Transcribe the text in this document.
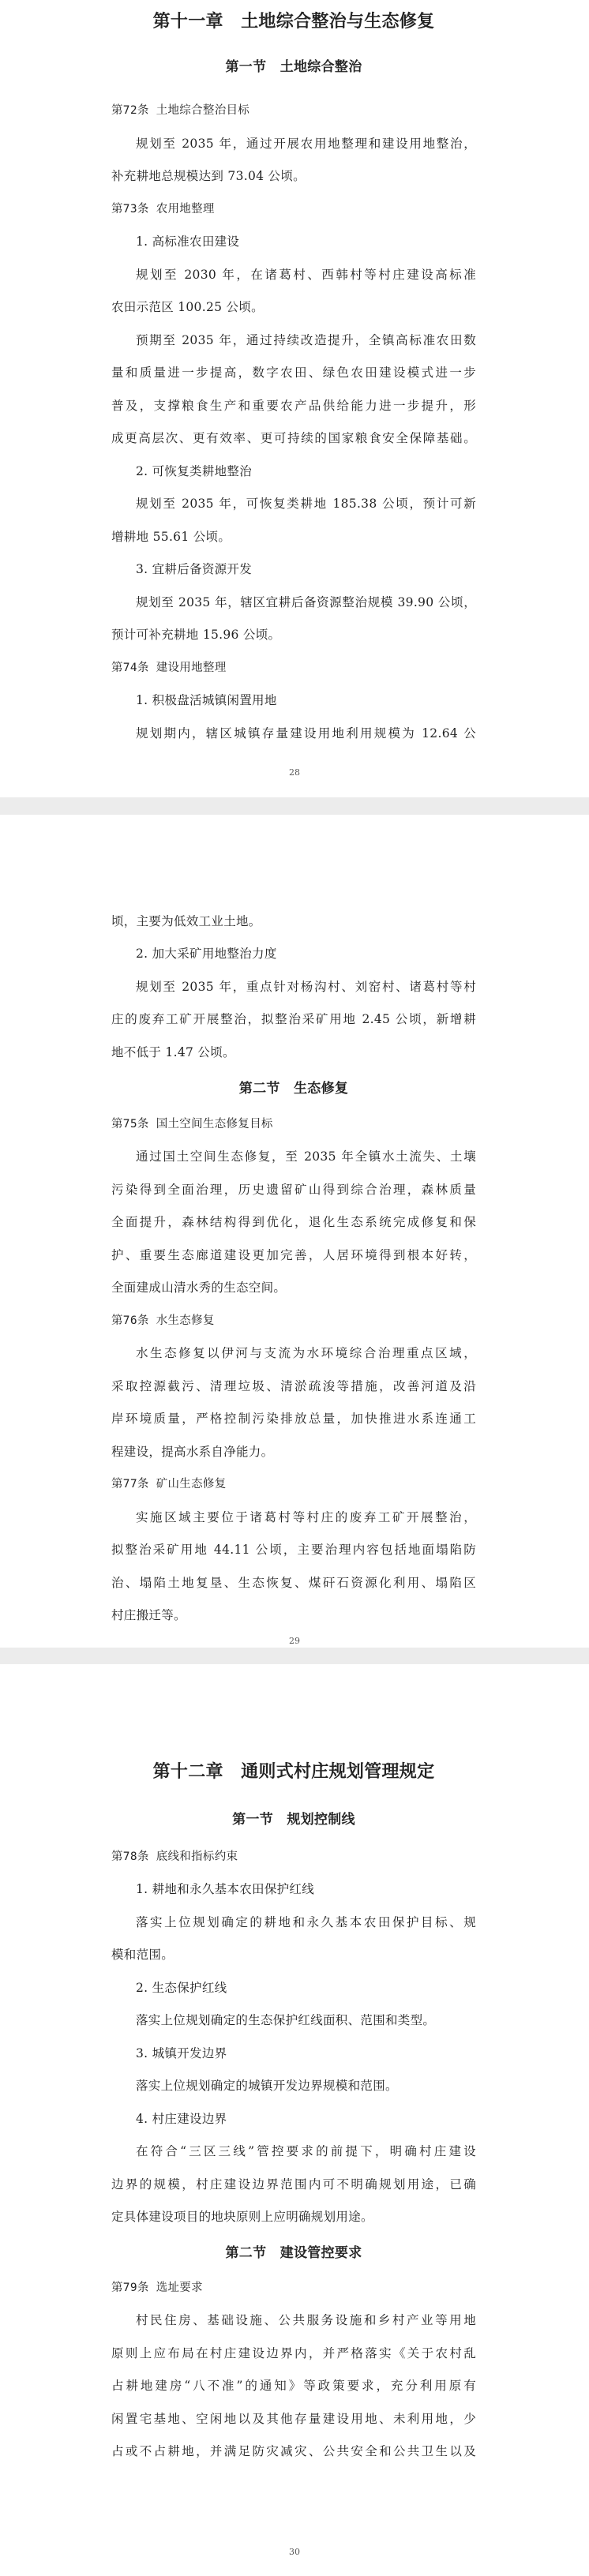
第十一章　土地综合整治与生态修复
第一节　土地综合整治
第72条 土地综合整治目标
规划至 2035 年，通过开展农用地整理和建设用地整治，
补充耕地总规模达到 73.04 公顷。
第73条 农用地整理
1. 高标准农田建设
规划至 2030 年，在诸葛村、西韩村等村庄建设高标准
农田示范区 100.25 公顷。
预期至 2035 年，通过持续改造提升，全镇高标准农田数
量和质量进一步提高，数字农田、绿色农田建设模式进一步
普及，支撑粮食生产和重要农产品供给能力进一步提升，形
成更高层次、更有效率、更可持续的国家粮食安全保障基础。
2. 可恢复类耕地整治
规划至 2035 年，可恢复类耕地 185.38 公顷，预计可新
增耕地 55.61 公顷。
3. 宜耕后备资源开发
规划至 2035 年，辖区宜耕后备资源整治规模 39.90 公顷，
预计可补充耕地 15.96 公顷。
第74条 建设用地整理
1. 积极盘活城镇闲置用地
规划期内，辖区城镇存量建设用地利用规模为 12.64 公
28
顷，主要为低效工业土地。
2. 加大采矿用地整治力度
规划至 2035 年，重点针对杨沟村、刘窑村、诸葛村等村
庄的废弃工矿开展整治，拟整治采矿用地 2.45 公顷，新增耕
地不低于 1.47 公顷。
第二节　生态修复
第75条 国土空间生态修复目标
通过国土空间生态修复，至 2035 年全镇水土流失、土壤
污染得到全面治理，历史遗留矿山得到综合治理，森林质量
全面提升，森林结构得到优化，退化生态系统完成修复和保
护、重要生态廊道建设更加完善，人居环境得到根本好转，
全面建成山清水秀的生态空间。
第76条 水生态修复
水生态修复以伊河与支流为水环境综合治理重点区域，
采取控源截污、清理垃圾、清淤疏浚等措施，改善河道及沿
岸环境质量，严格控制污染排放总量，加快推进水系连通工
程建设，提高水系自净能力。
第77条 矿山生态修复
实施区域主要位于诸葛村等村庄的废弃工矿开展整治，
拟整治采矿用地 44.11 公顷，主要治理内容包括地面塌陷防
治、塌陷土地复垦、生态恢复、煤矸石资源化利用、塌陷区
村庄搬迁等。
29
第十二章　通则式村庄规划管理规定
第一节　规划控制线
第78条 底线和指标约束
1. 耕地和永久基本农田保护红线
落实上位规划确定的耕地和永久基本农田保护目标、规
模和范围。
2. 生态保护红线
落实上位规划确定的生态保护红线面积、范围和类型。
3. 城镇开发边界
落实上位规划确定的城镇开发边界规模和范围。
4. 村庄建设边界
在符合“三区三线”管控要求的前提下，明确村庄建设
边界的规模，村庄建设边界范围内可不明确规划用途，已确
定具体建设项目的地块原则上应明确规划用途。
第二节　建设管控要求
第79条 选址要求
村民住房、基础设施、公共服务设施和乡村产业等用地
原则上应布局在村庄建设边界内，并严格落实《关于农村乱
占耕地建房“八不准”的通知》等政策要求，充分利用原有
闲置宅基地、空闲地以及其他存量建设用地、未利用地，少
占或不占耕地，并满足防灾减灾、公共安全和公共卫生以及
30
